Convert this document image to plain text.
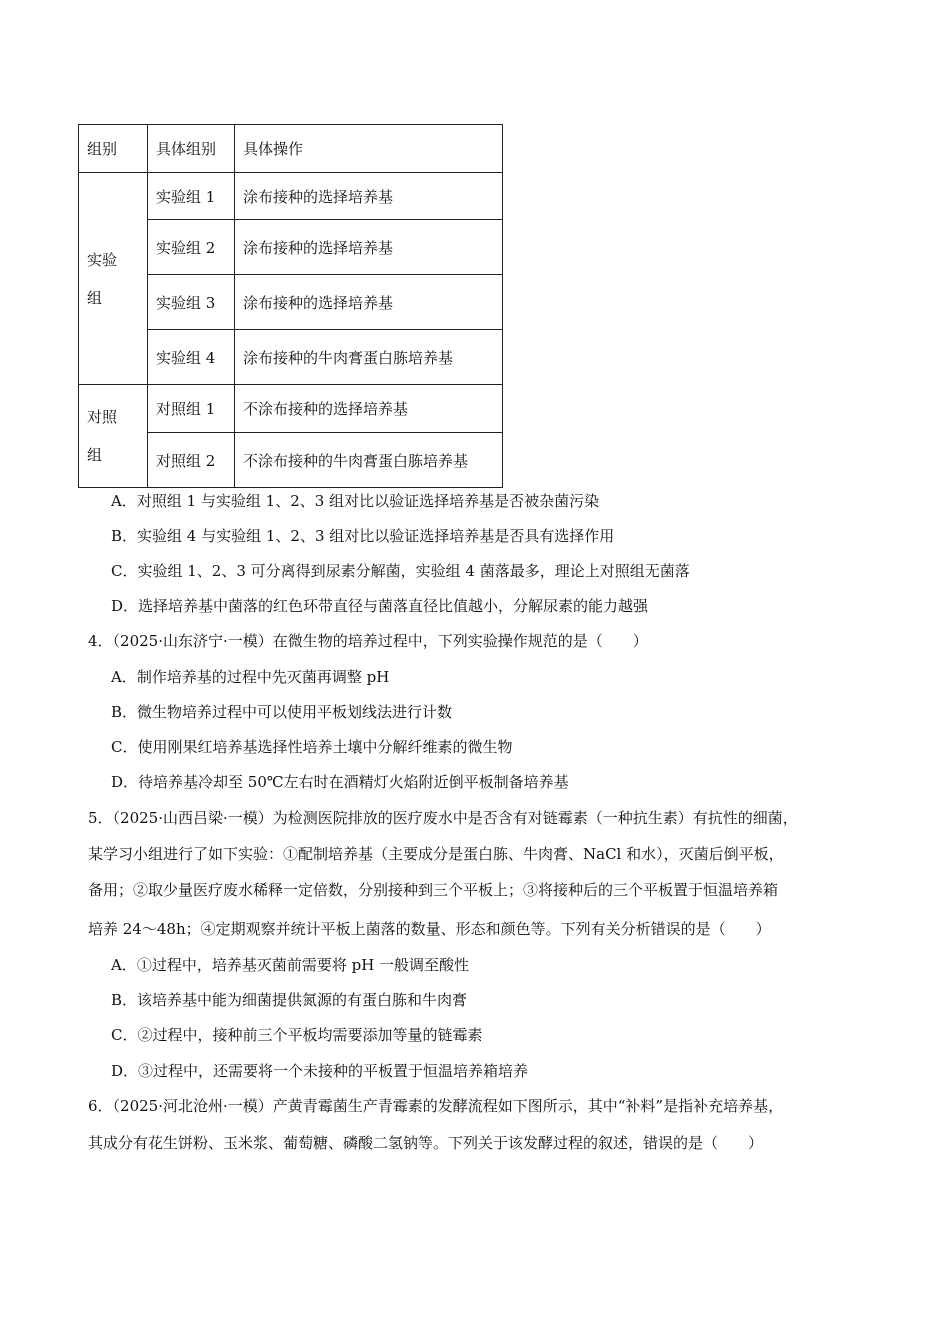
组别	具体组别	具体操作

实验
组	实验组 1	涂布接种的选择培养基
	实验组 2	涂布接种的选择培养基
	实验组 3	涂布接种的选择培养基
	实验组 4	涂布接种的牛肉膏蛋白胨培养基

对照
组	对照组 1	不涂布接种的选择培养基
	对照组 2	不涂布接种的牛肉膏蛋白胨培养基
A．对照组 1 与实验组 1、2、3 组对比以验证选择培养基是否被杂菌污染
B．实验组 4 与实验组 1、2、3 组对比以验证选择培养基是否具有选择作用
C．实验组 1、2、3 可分离得到尿素分解菌，实验组 4 菌落最多，理论上对照组无菌落
D．选择培养基中菌落的红色环带直径与菌落直径比值越小，分解尿素的能力越强
4．（2025·山东济宁·一模）在微生物的培养过程中，下列实验操作规范的是（　　）
A．制作培养基的过程中先灭菌再调整 pH
B．微生物培养过程中可以使用平板划线法进行计数
C．使用刚果红培养基选择性培养土壤中分解纤维素的微生物
D．待培养基冷却至 50℃左右时在酒精灯火焰附近倒平板制备培养基
5．（2025·山西吕梁·一模）为检测医院排放的医疗废水中是否含有对链霉素（一种抗生素）有抗性的细菌，
某学习小组进行了如下实验：①配制培养基（主要成分是蛋白胨、牛肉膏、NaCl 和水），灭菌后倒平板，
备用；②取少量医疗废水稀释一定倍数，分别接种到三个平板上；③将接种后的三个平板置于恒温培养箱
培养 24～48h；④定期观察并统计平板上菌落的数量、形态和颜色等。下列有关分析错误的是（　　）
A．①过程中，培养基灭菌前需要将 pH 一般调至酸性
B．该培养基中能为细菌提供氮源的有蛋白胨和牛肉膏
C．②过程中，接种前三个平板均需要添加等量的链霉素
D．③过程中，还需要将一个未接种的平板置于恒温培养箱培养
6．（2025·河北沧州·一模）产黄青霉菌生产青霉素的发酵流程如下图所示，其中“补料”是指补充培养基，
其成分有花生饼粉、玉米浆、葡萄糖、磷酸二氢钠等。下列关于该发酵过程的叙述，错误的是（　　）
